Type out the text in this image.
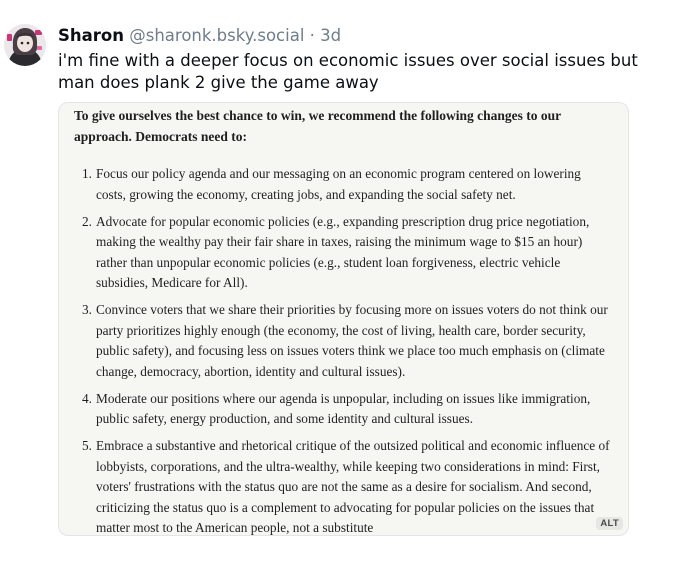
Sharon @sharonk.bsky.social · 3d
i'm fine with a deeper focus on economic issues over social issues but man does plank 2 give the game away

To give ourselves the best chance to win, we recommend the following changes to our approach. Democrats need to:

1. Focus our policy agenda and our messaging on an economic program centered on lowering costs, growing the economy, creating jobs, and expanding the social safety net.
2. Advocate for popular economic policies (e.g., expanding prescription drug price negotiation, making the wealthy pay their fair share in taxes, raising the minimum wage to $15 an hour) rather than unpopular economic policies (e.g., student loan forgiveness, electric vehicle subsidies, Medicare for All).
3. Convince voters that we share their priorities by focusing more on issues voters do not think our party prioritizes highly enough (the economy, the cost of living, health care, border security, public safety), and focusing less on issues voters think we place too much emphasis on (climate change, democracy, abortion, identity and cultural issues).
4. Moderate our positions where our agenda is unpopular, including on issues like immigration, public safety, energy production, and some identity and cultural issues.
5. Embrace a substantive and rhetorical critique of the outsized political and economic influence of lobbyists, corporations, and the ultra-wealthy, while keeping two considerations in mind: First, voters' frustrations with the status quo are not the same as a desire for socialism. And second, criticizing the status quo is a complement to advocating for popular policies on the issues that matter most to the American people, not a substitute	ALT
